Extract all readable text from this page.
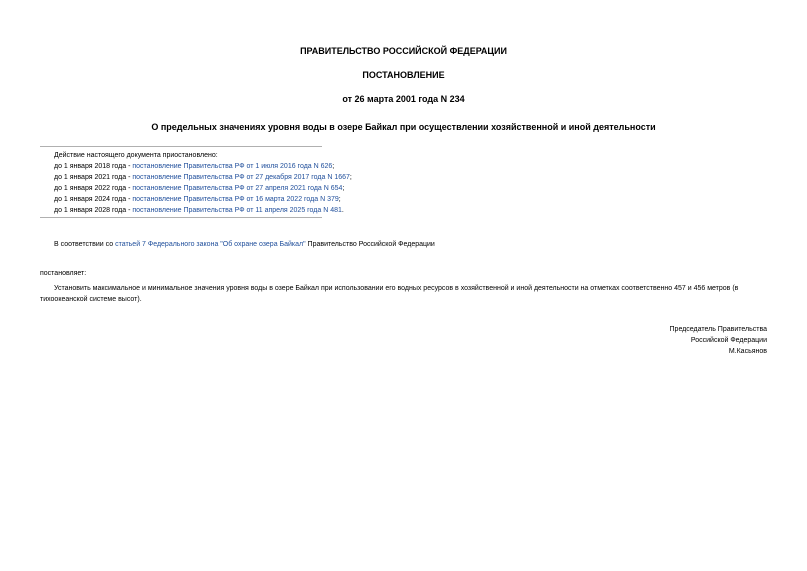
ПРАВИТЕЛЬСТВО РОССИЙСКОЙ ФЕДЕРАЦИИ
ПОСТАНОВЛЕНИЕ
от 26 марта 2001 года N 234
О предельных значениях уровня воды в озере Байкал при осуществлении хозяйственной и иной деятельности
Действие настоящего документа приостановлено:
до 1 января 2018 года - постановление Правительства РФ от 1 июля 2016 года N 626;
до 1 января 2021 года - постановление Правительства РФ от 27 декабря 2017 года N 1667;
до 1 января 2022 года - постановление Правительства РФ от 27 апреля 2021 года N 654;
до 1 января 2024 года - постановление Правительства РФ от 16 марта 2022 года N 379;
до 1 января 2028 года - постановление Правительства РФ от 11 апреля 2025 года N 481.
В соответствии со статьей 7 Федерального закона "Об охране озера Байкал" Правительство Российской Федерации
постановляет:
Установить максимальное и минимальное значения уровня воды в озере Байкал при использовании его водных ресурсов в хозяйственной и иной деятельности на отметках соответственно 457 и 456 метров (в тихоокеанской системе высот).
Председатель Правительства
Российской Федерации
М.Касьянов
